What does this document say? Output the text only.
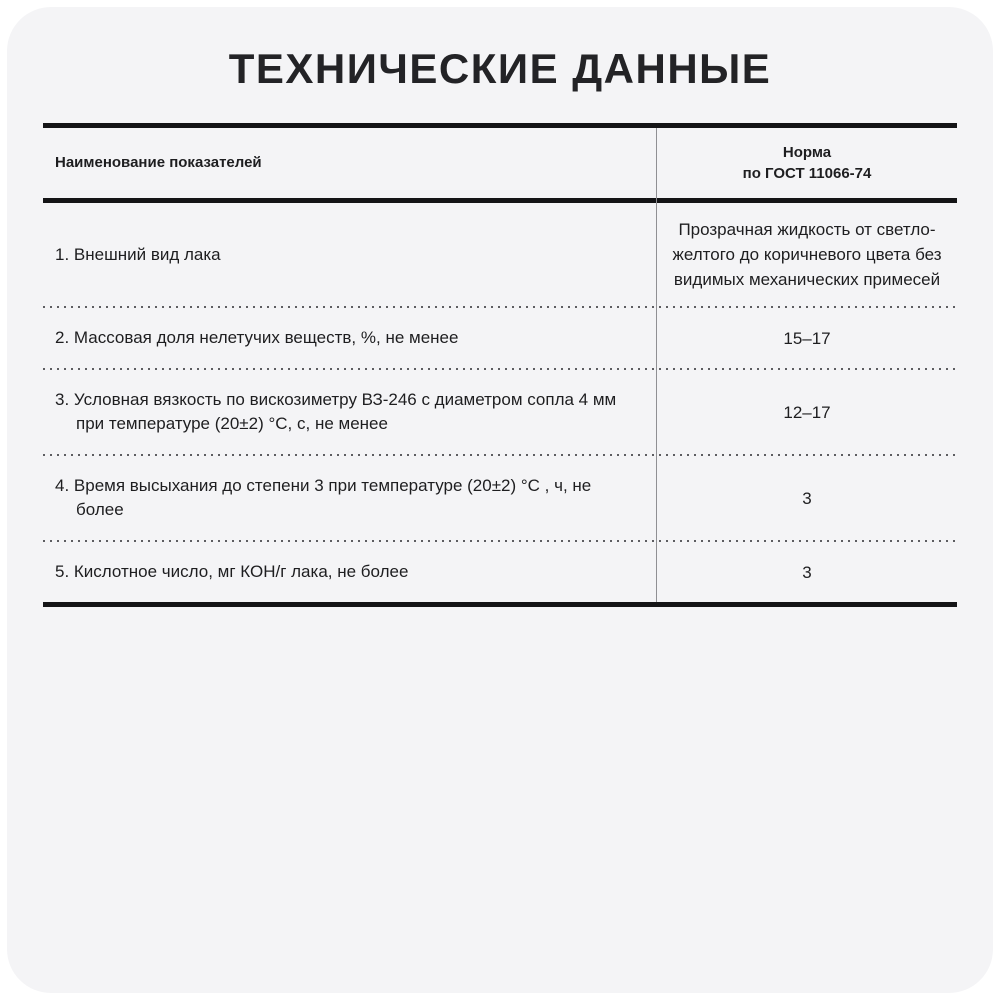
ТЕХНИЧЕСКИЕ ДАННЫЕ
Наименование показателей
Норма
по ГОСТ 11066-74
1. Внешний вид лака
Прозрачная жидкость от светло-желтого до коричневого цвета без видимых механических примесей
2. Массовая доля нелетучих веществ, %, не менее	15–17
3. Условная вязкость по вискозиметру ВЗ-246 с диаметром сопла 4 мм при температуре (20±2) °С, с, не менее
12–17
4. Время высыхания до степени 3 при температуре (20±2) °С , ч, не более
3
5. Кислотное число, мг КОН/г лака, не более	3
